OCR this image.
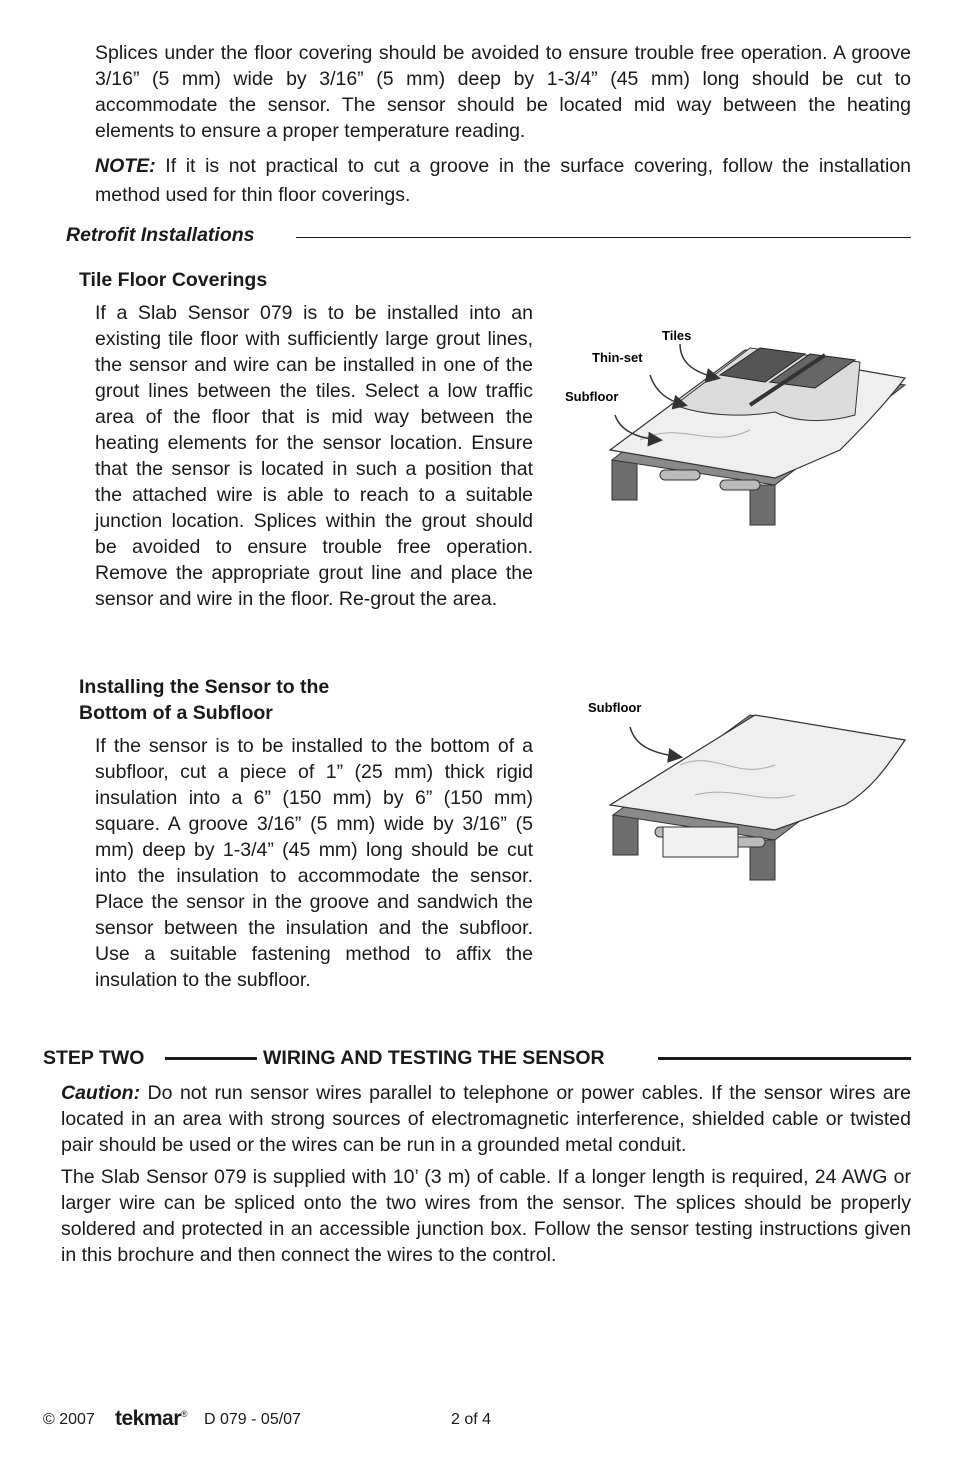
Splices under the floor covering should be avoided to ensure trouble free operation. A groove 3/16” (5 mm) wide by 3/16” (5 mm) deep by 1-3/4” (45 mm) long should be cut to accommodate the sensor. The sensor should be located mid way between the heating elements to ensure a proper temperature reading.
NOTE: If it is not practical to cut a groove in the surface covering, follow the installation method used for thin floor coverings.
Retrofit Installations
Tile Floor Coverings
If a Slab Sensor 079 is to be installed into an existing tile floor with sufficiently large grout lines, the sensor and wire can be installed in one of the grout lines between the tiles. Select a low traffic area of the floor that is mid way between the heating elements for the sensor location. Ensure that the sensor is located in such a position that the attached wire is able to reach to a suitable junction location. Splices within the grout should be avoided to ensure trouble free operation. Remove the appropriate grout line and place the sensor and wire in the floor. Re-grout the area.
Tiles
Thin-set
Subfloor
Installing the Sensor to the
Bottom of a Subfloor
If the sensor is to be installed to the bottom of a subfloor, cut a piece of 1” (25 mm) thick rigid insulation into a 6” (150 mm) by 6” (150 mm) square. A groove 3/16” (5 mm) wide by 3/16” (5 mm) deep by 1-3/4” (45 mm) long should be cut into the insulation to accommodate the sensor. Place the sensor in the groove and sandwich the sensor between the insulation and the subfloor. Use a suitable fastening method to affix the insulation to the subfloor.
Subfloor
STEP TWO	WIRING AND TESTING THE SENSOR
Caution: Do not run sensor wires parallel to telephone or power cables. If the sensor wires are located in an area with strong sources of electromagnetic interference, shielded cable or twisted pair should be used or the wires can be run in a grounded metal conduit.
The Slab Sensor 079 is supplied with 10’ (3 m) of cable. If a longer length is required, 24 AWG or larger wire can be spliced onto the two wires from the sensor. The splices should be properly soldered and protected in an accessible junction box. Follow the sensor testing instructions given in this brochure and then connect the wires to the control.
© 2007 tekmar® D 079 - 05/07	2 of 4
